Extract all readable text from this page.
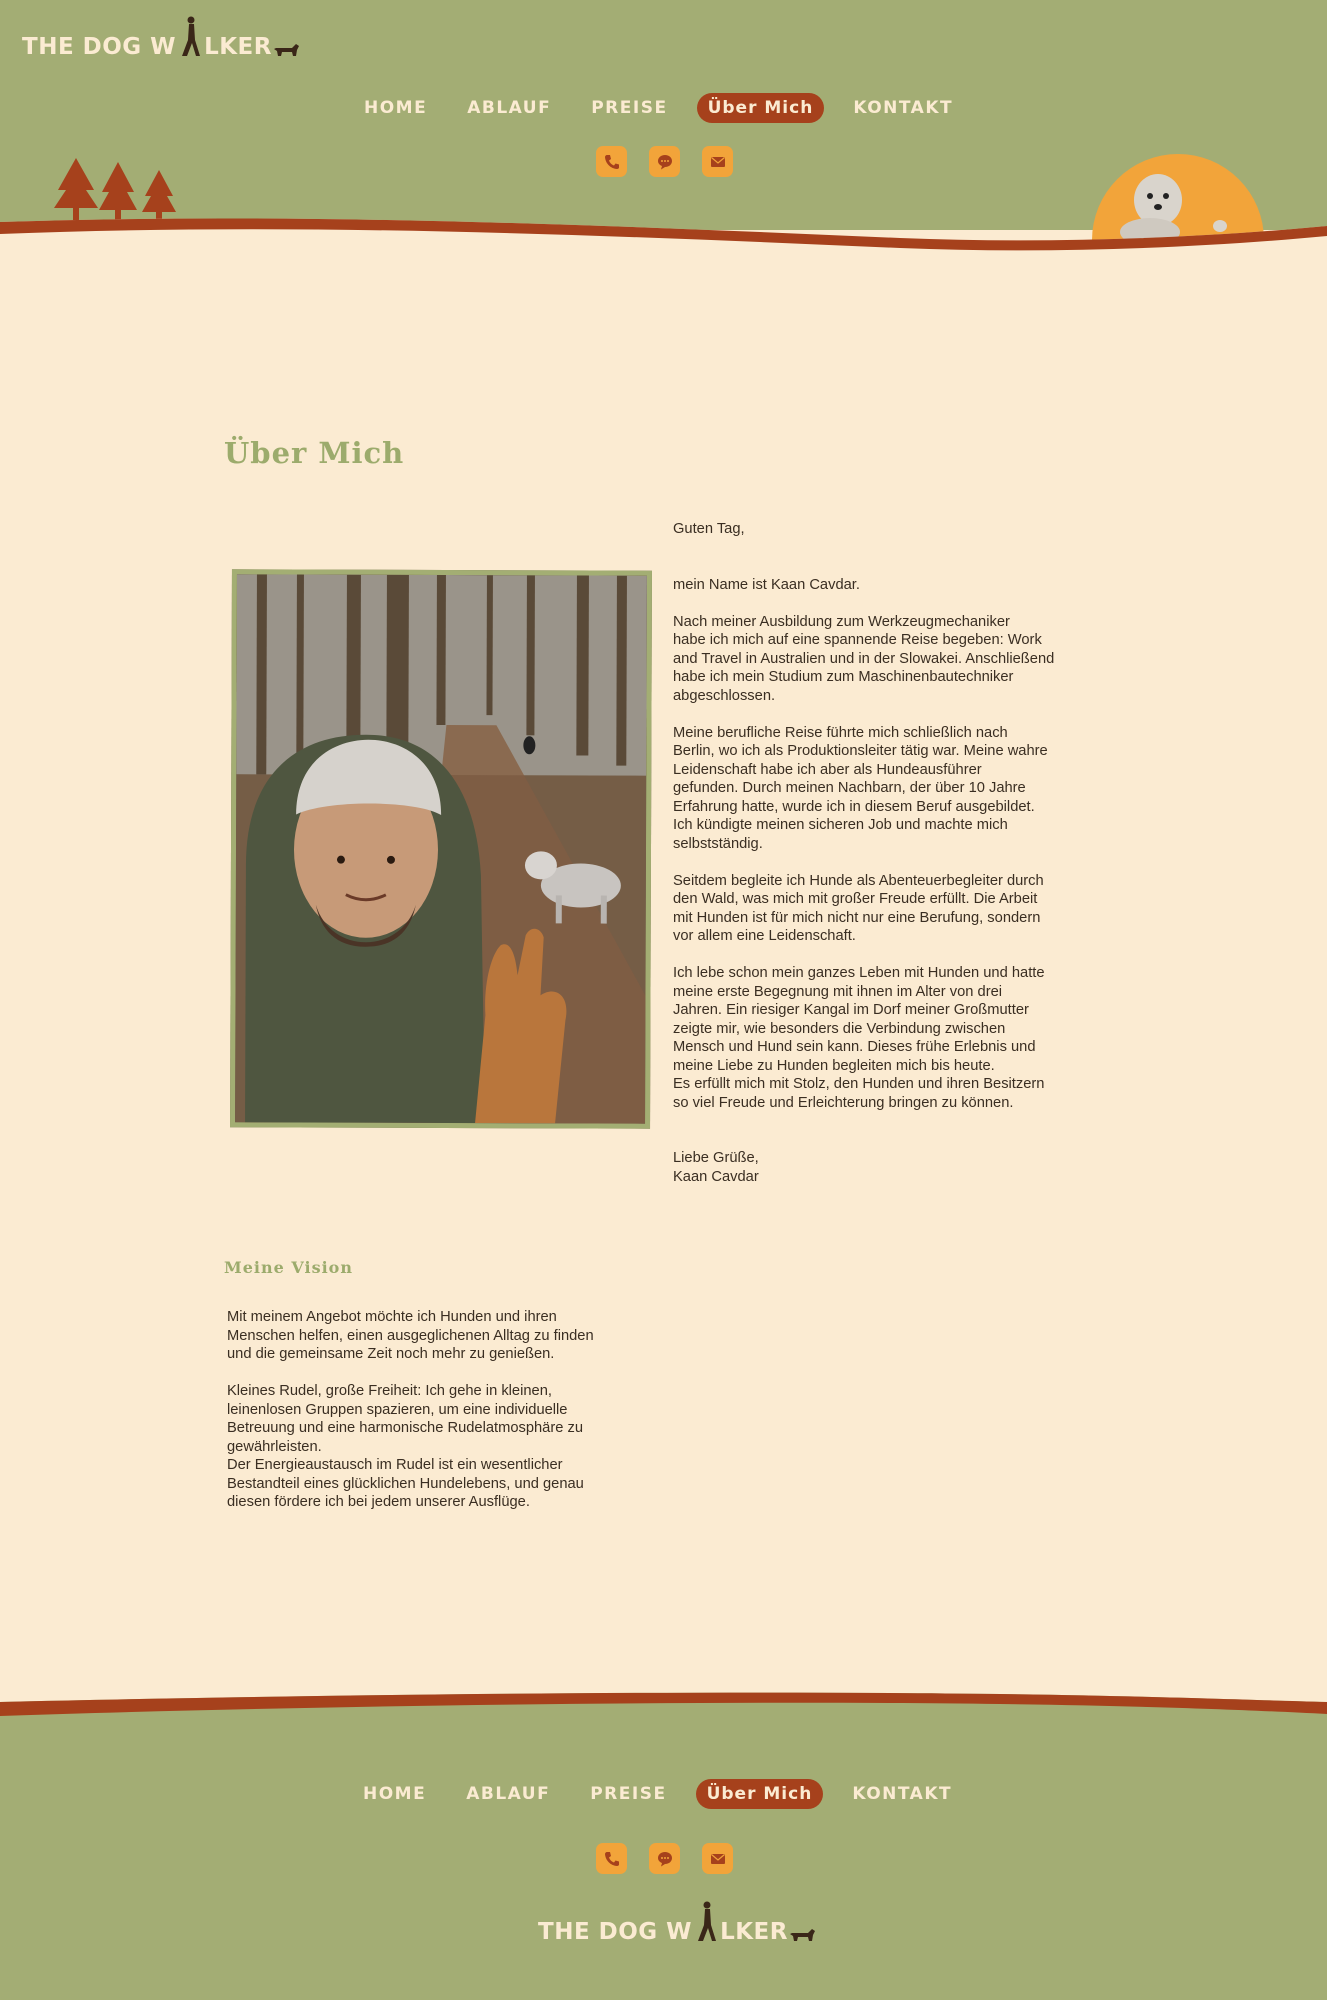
THE DOG W LKER
HOME	ABLAUF	PREISE	Über Mich	KONTAKT
Über Mich

Guten Tag,

mein Name ist Kaan Cavdar.

Nach meiner Ausbildung zum Werkzeugmechaniker
habe ich mich auf eine spannende Reise begeben: Work
and Travel in Australien und in der Slowakei. Anschließend
habe ich mein Studium zum Maschinenbautechniker
abgeschlossen.

Meine berufliche Reise führte mich schließlich nach
Berlin, wo ich als Produktionsleiter tätig war. Meine wahre
Leidenschaft habe ich aber als Hundeausführer
gefunden. Durch meinen Nachbarn, der über 10 Jahre
Erfahrung hatte, wurde ich in diesem Beruf ausgebildet.
Ich kündigte meinen sicheren Job und machte mich
selbstständig.

Seitdem begleite ich Hunde als Abenteuerbegleiter durch
den Wald, was mich mit großer Freude erfüllt. Die Arbeit
mit Hunden ist für mich nicht nur eine Berufung, sondern
vor allem eine Leidenschaft.

Ich lebe schon mein ganzes Leben mit Hunden und hatte
meine erste Begegnung mit ihnen im Alter von drei
Jahren. Ein riesiger Kangal im Dorf meiner Großmutter
zeigte mir, wie besonders die Verbindung zwischen
Mensch und Hund sein kann. Dieses frühe Erlebnis und
meine Liebe zu Hunden begleiten mich bis heute.
Es erfüllt mich mit Stolz, den Hunden und ihren Besitzern
so viel Freude und Erleichterung bringen zu können.

Liebe Grüße,
Kaan Cavdar

Meine Vision

Mit meinem Angebot möchte ich Hunden und ihren
Menschen helfen, einen ausgeglichenen Alltag zu finden
und die gemeinsame Zeit noch mehr zu genießen.

Kleines Rudel, große Freiheit: Ich gehe in kleinen,
leinenlosen Gruppen spazieren, um eine individuelle
Betreuung und eine harmonische Rudelatmosphäre zu
gewährleisten.
Der Energieaustausch im Rudel ist ein wesentlicher
Bestandteil eines glücklichen Hundelebens, und genau
diesen fördere ich bei jedem unserer Ausflüge.

HOME	ABLAUF	PREISE	Über Mich	KONTAKT
THE DOG W LKER
